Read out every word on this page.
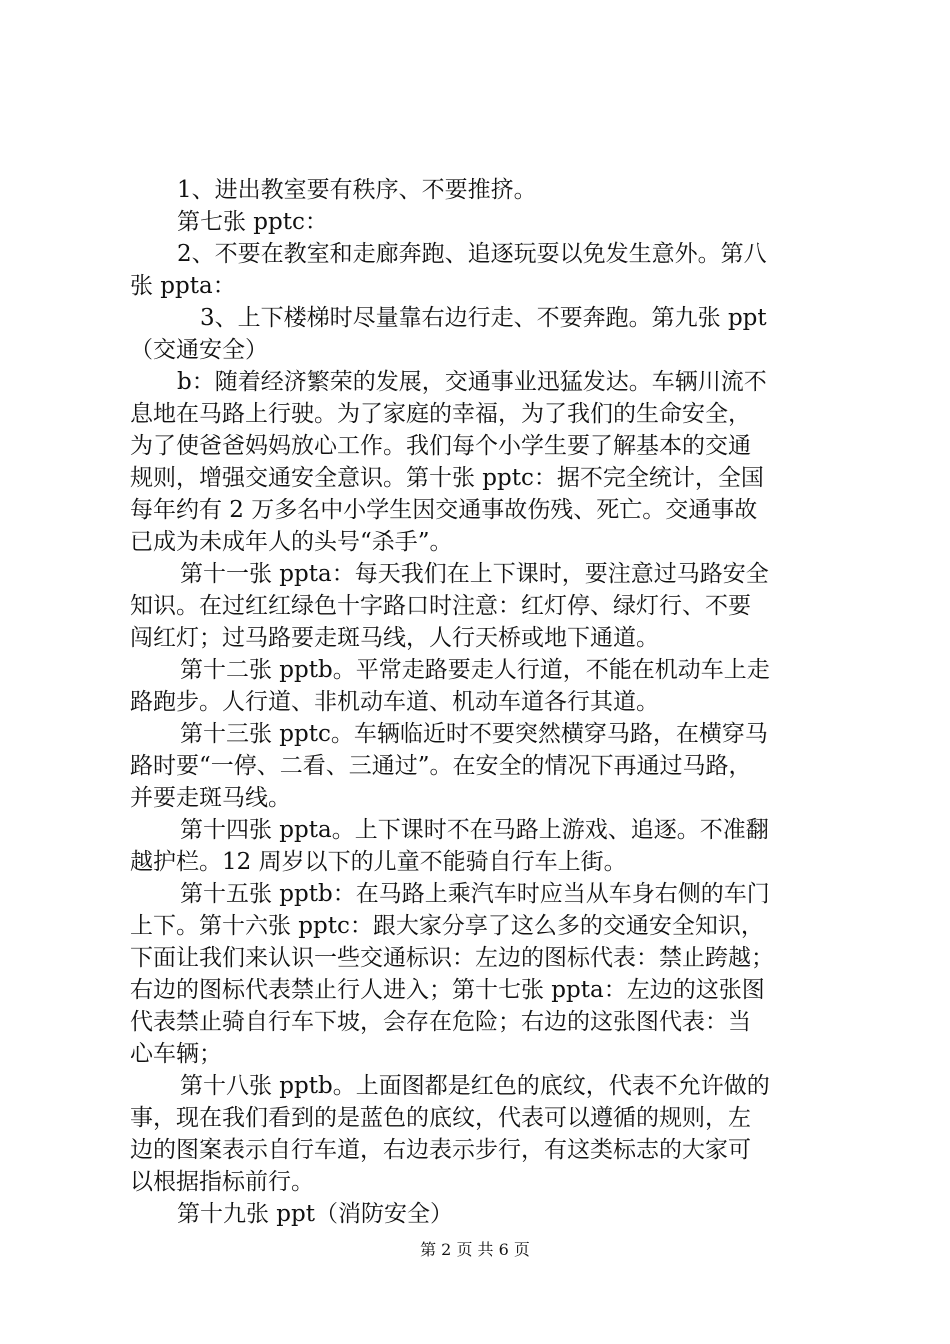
1、进出教室要有秩序、不要推挤。
第七张 pptc：
2、不要在教室和走廊奔跑、追逐玩耍以免发生意外。第八
张 ppta：
3、上下楼梯时尽量靠右边行走、不要奔跑。第九张 ppt
（交通安全）
b：随着经济繁荣的发展，交通事业迅猛发达。车辆川流不
息地在马路上行驶。为了家庭的幸福，为了我们的生命安全，
为了使爸爸妈妈放心工作。我们每个小学生要了解基本的交通
规则，增强交通安全意识。第十张 pptc：据不完全统计，全国
每年约有 2 万多名中小学生因交通事故伤残、死亡。交通事故
已成为未成年人的头号“杀手”。
第十一张 ppta：每天我们在上下课时，要注意过马路安全
知识。在过红红绿色十字路口时注意：红灯停、绿灯行、不要
闯红灯；过马路要走斑马线，人行天桥或地下通道。
第十二张 pptb。平常走路要走人行道，不能在机动车上走
路跑步。人行道、非机动车道、机动车道各行其道。
第十三张 pptc。车辆临近时不要突然横穿马路，在横穿马
路时要“一停、二看、三通过”。在安全的情况下再通过马路，
并要走斑马线。
第十四张 ppta。上下课时不在马路上游戏、追逐。不准翻
越护栏。12 周岁以下的儿童不能骑自行车上街。
第十五张 pptb：在马路上乘汽车时应当从车身右侧的车门
上下。第十六张 pptc：跟大家分享了这么多的交通安全知识，
下面让我们来认识一些交通标识：左边的图标代表：禁止跨越；
右边的图标代表禁止行人进入；第十七张 ppta：左边的这张图
代表禁止骑自行车下坡，会存在危险；右边的这张图代表：当
心车辆；
第十八张 pptb。上面图都是红色的底纹，代表不允许做的
事，现在我们看到的是蓝色的底纹，代表可以遵循的规则，左
边的图案表示自行车道，右边表示步行，有这类标志的大家可
以根据指标前行。
第十九张 ppt（消防安全）
第 2 页 共 6 页
